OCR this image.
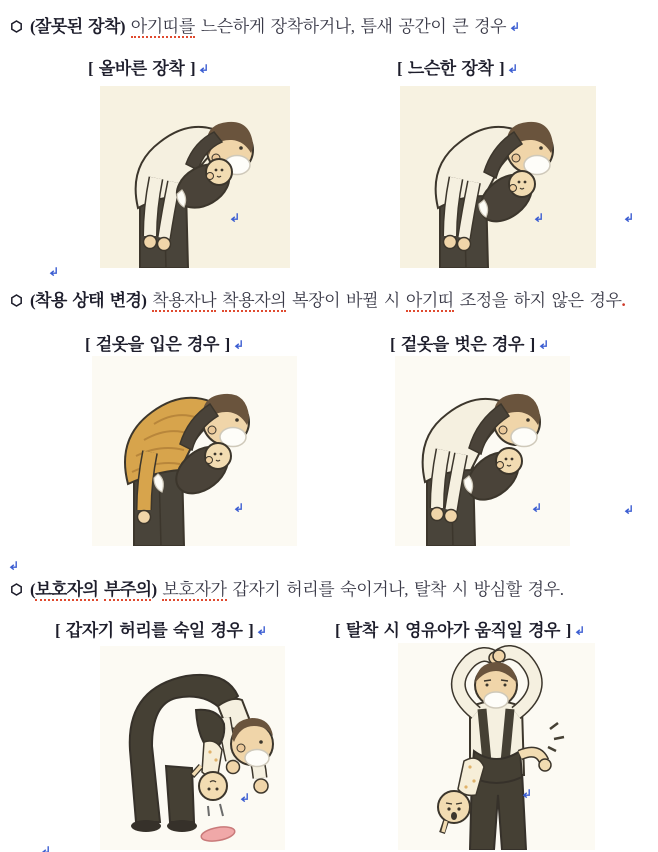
(잘못된 장착) 아기띠를 느슨하게 장착하거나, 틈새 공간이 큰 경우
[ 올바른 장착 ]	[ 느슨한 장착 ]
(착용 상태 변경) 착용자나 착용자의 복장이 바뀔 시 아기띠 조정을 하지 않은 경우.
[ 겉옷을 입은 경우 ]	[ 겉옷을 벗은 경우 ]
(보호자의 부주의) 보호자가 갑자기 허리를 숙이거나, 탈착 시 방심할 경우.
[ 갑자기 허리를 숙일 경우 ]	[ 탈착 시 영유아가 움직일 경우 ]
